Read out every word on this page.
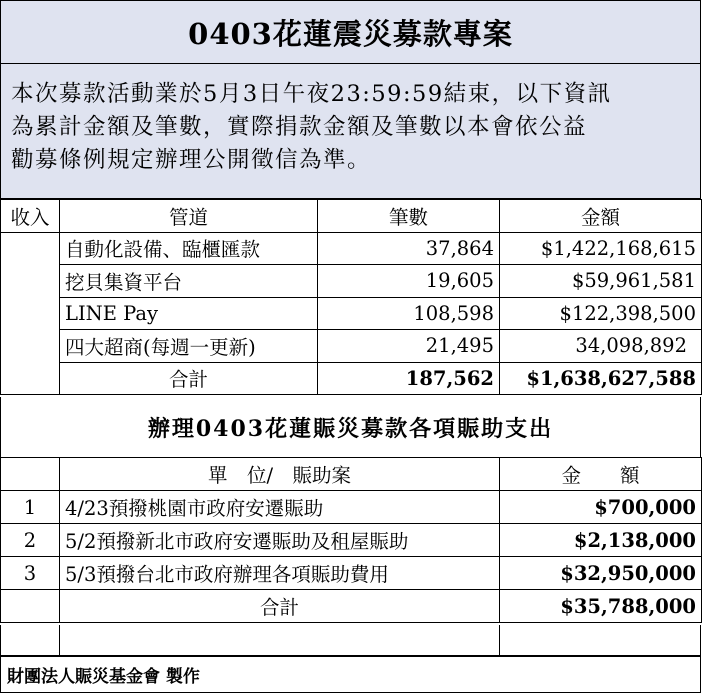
0403花蓮震災募款專案
本次募款活動業於5月3日午夜23:59:59結束，以下資訊
為累計金額及筆數，實際捐款金額及筆數以本會依公益
勸募條例規定辦理公開徵信為準。
收入	管道	筆數	金額
	自動化設備、臨櫃匯款	37,864	$1,422,168,615
	挖貝集資平台	19,605	$59,961,581
	LINE Pay	108,598	$122,398,500
	四大超商(每週一更新)	21,495	34,098,892
	合計	187,562	$1,638,627,588
辦理0403花蓮賑災募款各項賑助支出
	單　位/　賑助案	金　　額
1	4/23預撥桃園市政府安遷賑助	$700,000
2	5/2預撥新北市政府安遷賑助及租屋賑助	$2,138,000
3	5/3預撥台北市政府辦理各項賑助費用	$32,950,000
	合計	$35,788,000
財團法人賑災基金會 製作
